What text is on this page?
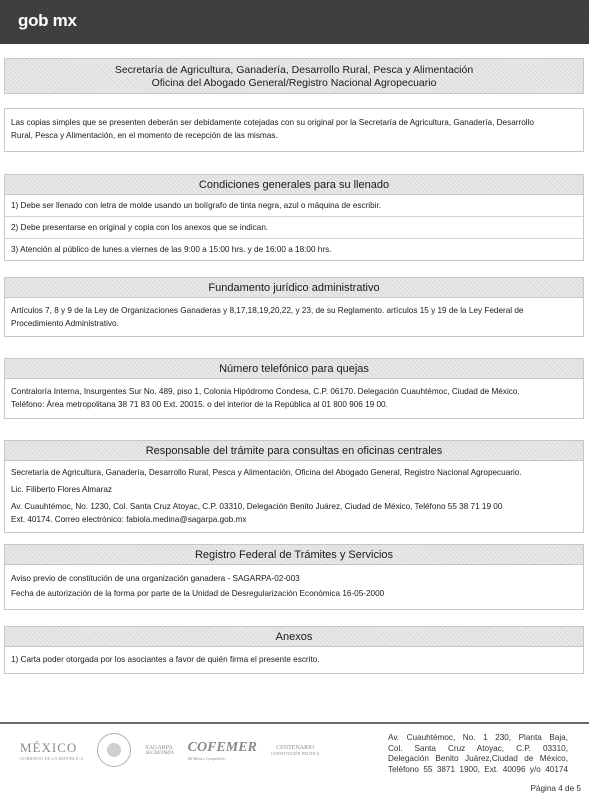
gob mx
Secretaría de Agricultura, Ganadería, Desarrollo Rural, Pesca y Alimentación
Oficina del Abogado General/Registro Nacional Agropecuario
Las copias simples que se presenten deberán ser debidamente cotejadas con su original por la Secretaría de Agricultura, Ganadería, Desarrollo
Rural, Pesca y Alimentación, en el momento de recepción de las mismas.
Condiciones generales para su llenado
1) Debe ser llenado con letra de molde usando un bolígrafo de tinta negra, azul o máquina de escribir.
2) Debe presentarse en original y copia con los anexos que se indican.
3) Atención al público de lunes a viernes de las 9:00 a 15:00 hrs. y de 16:00 a 18:00 hrs.
Fundamento jurídico administrativo
Artículos 7, 8 y 9 de la Ley de Organizaciones Ganaderas y 8,17,18,19,20,22, y 23, de su Reglamento. artículos 15 y 19 de la Ley Federal de
Procedimiento Administrativo.
Número telefónico para quejas
Contraloría Interna, Insurgentes Sur No. 489, piso 1, Colonia Hipódromo Condesa, C.P. 06170. Delegación Cuauhtémoc, Ciudad de México.
Teléfono: Área metropolitana 38 71 83 00 Ext. 20015. o del interior de la República al 01 800 906 19 00.
Responsable del trámite para consultas en oficinas centrales
Secretaría de Agricultura, Ganadería, Desarrollo Rural, Pesca y Alimentación, Oficina del Abogado General, Registro Nacional Agropecuario.
Lic. Filiberto Flores Almaraz
Av. Cuauhtémoc, No. 1230, Col. Santa Cruz Atoyac, C.P. 03310, Delegación Benito Juárez, Ciudad de México, Teléfono 55 38 71 19 00
Ext. 40174. Correo electrónico: fabiola.medina@sagarpa.gob.mx
Registro Federal de Trámites y Servicios
Aviso previo de constitución de una organización ganadera - SAGARPA-02-003
Fecha de autorización de la forma por parte de la Unidad de Desregularización Económica 16-05-2000
Anexos
1) Carta poder otorgada por los asociantes a favor de quién firma el presente escrito.
MÉXICO
GOBIERNO DE LA REPÚBLICA
SAGARPA
SECRETARÍA COFEMER
Mi México Competitivo
CENTENARIO
CONSTITUCIÓN POLÍTICA
Av. Cuauhtémoc, No. 1 230, Planta Baja,
Col. Santa Cruz Atoyac, C.P. 03310,
Delegación Benito Juárez,Ciudad de México,
Teléfono 55 3871 1900, Ext. 40096 y/o 40174
Página 4 de 5
